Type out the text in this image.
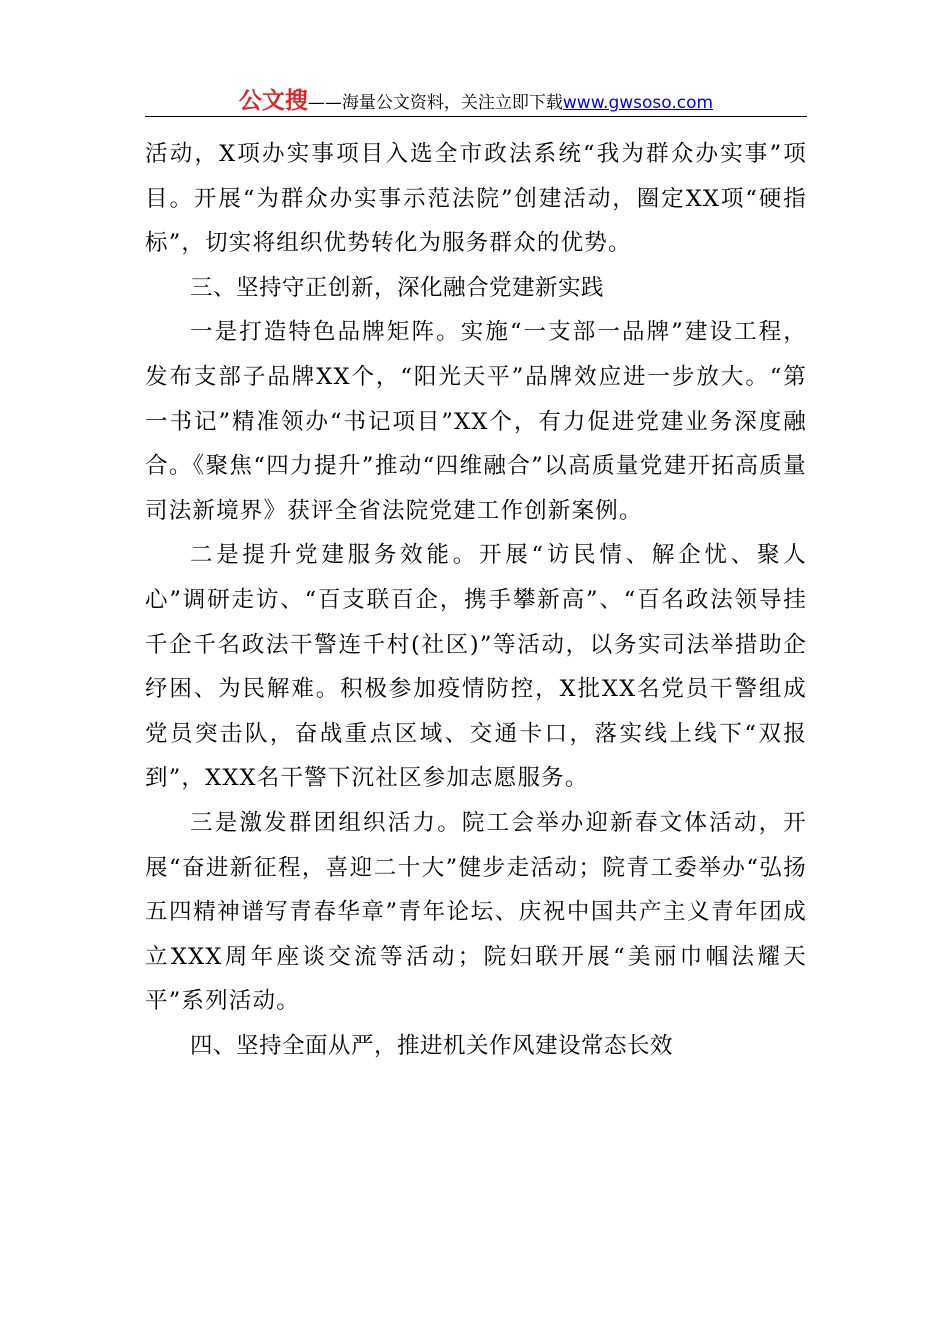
公文搜——海量公文资料，关注立即下载www.gwsoso.com

活动，X项办实事项目入选全市政法系统“我为群众办实事”项目。开展“为群众办实事示范法院”创建活动，圈定XX项“硬指标”，切实将组织优势转化为服务群众的优势。

三、坚持守正创新，深化融合党建新实践

一是打造特色品牌矩阵。实施“一支部一品牌”建设工程，发布支部子品牌XX个，“阳光天平”品牌效应进一步放大。“第一书记”精准领办“书记项目”XX个，有力促进党建业务深度融合。《聚焦“四力提升”推动“四维融合”以高质量党建开拓高质量司法新境界》获评全省法院党建工作创新案例。

二是提升党建服务效能。开展“访民情、解企忧、聚人心”调研走访、“百支联百企，携手攀新高”、“百名政法领导挂千企千名政法干警连千村(社区)”等活动，以务实司法举措助企纾困、为民解难。积极参加疫情防控，X批XX名党员干警组成党员突击队，奋战重点区域、交通卡口，落实线上线下“双报到”，XXX名干警下沉社区参加志愿服务。

三是激发群团组织活力。院工会举办迎新春文体活动，开展“奋进新征程，喜迎二十大”健步走活动；院青工委举办“弘扬五四精神谱写青春华章”青年论坛、庆祝中国共产主义青年团成立XXX周年座谈交流等活动；院妇联开展“美丽巾帼法耀天平”系列活动。

四、坚持全面从严，推进机关作风建设常态长效
